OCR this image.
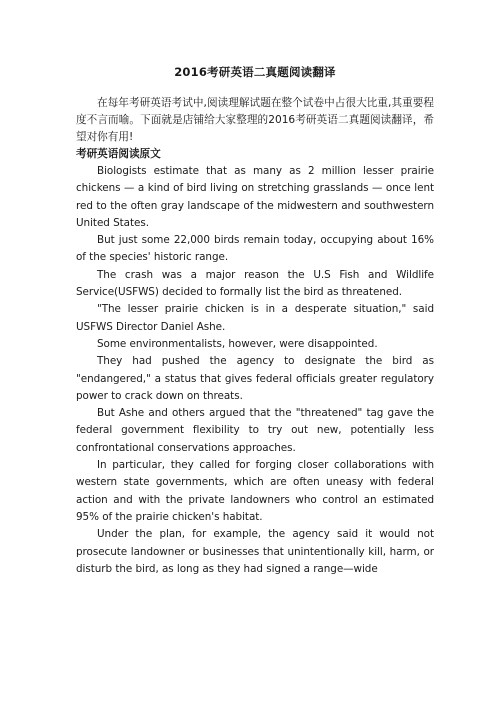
2016考研英语二真题阅读翻译

在每年考研英语考试中,阅读理解试题在整个试卷中占很大比重,其重要程度不言而喻。下面就是店铺给大家整理的2016考研英语二真题阅读翻译，希望对你有用!

考研英语阅读原文

Biologists estimate that as many as 2 million lesser prairie chickens — a kind of bird living on stretching grasslands — once lent red to the often gray landscape of the midwestern and southwestern United States.

But just some 22,000 birds remain today, occupying about 16% of the species' historic range.

The crash was a major reason the U.S Fish and Wildlife Service(USFWS) decided to formally list the bird as threatened.

"The lesser prairie chicken is in a desperate situation," said USFWS Director Daniel Ashe.

Some environmentalists, however, were disappointed.

They had pushed the agency to designate the bird as "endangered," a status that gives federal officials greater regulatory power to crack down on threats.

But Ashe and others argued that the "threatened" tag gave the federal government flexibility to try out new, potentially less confrontational conservations approaches.

In particular, they called for forging closer collaborations with western state governments, which are often uneasy with federal action and with the private landowners who control an estimated 95% of the prairie chicken's habitat.

Under the plan, for example, the agency said it would not prosecute landowner or businesses that unintentionally kill, harm, or disturb the bird, as long as they had signed a range—wide
